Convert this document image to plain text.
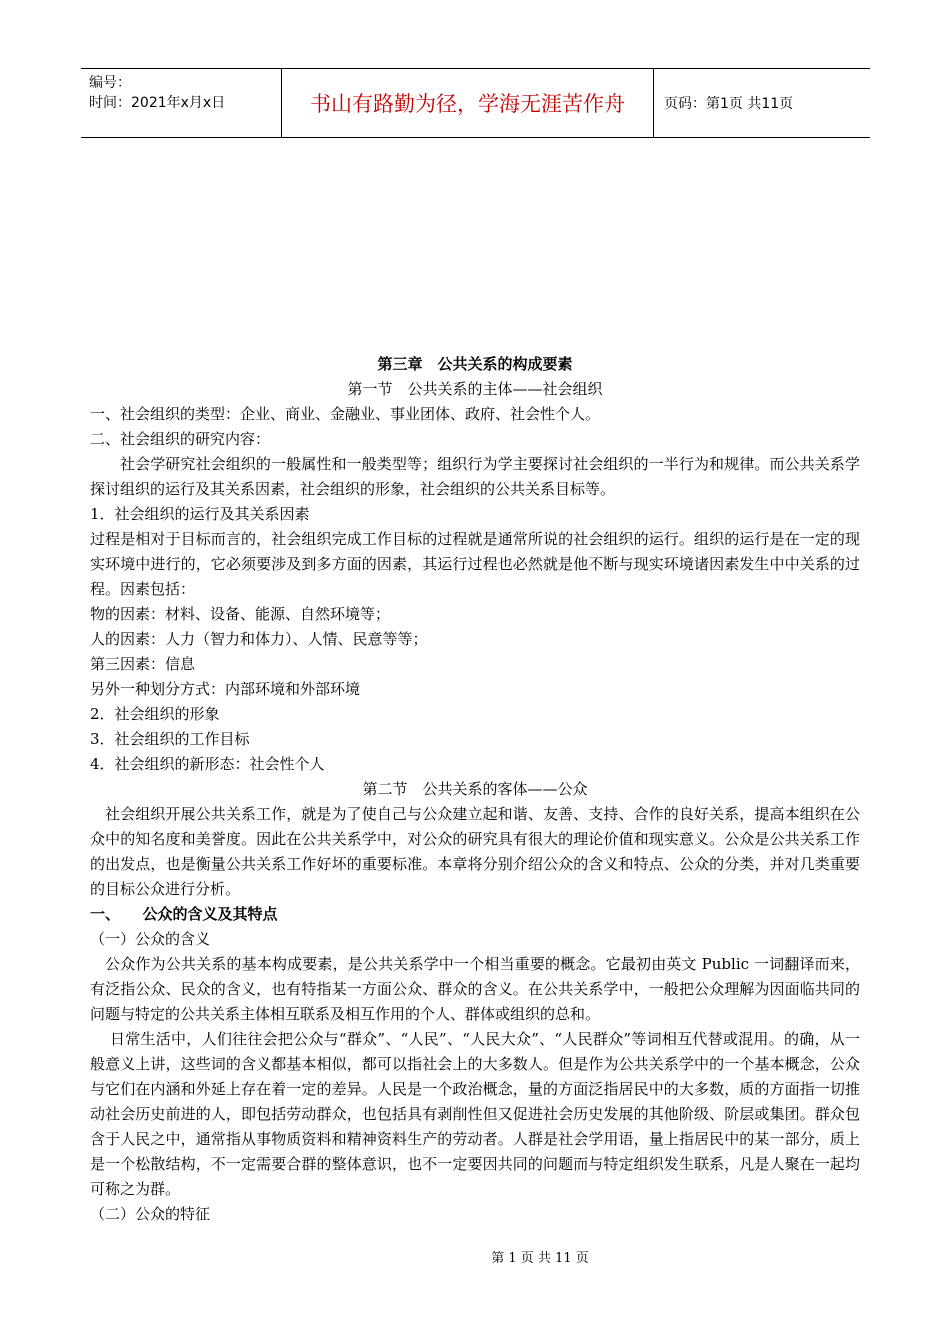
编号：
时间：2021年x月x日	书山有路勤为径，学海无涯苦作舟	页码：第1页 共11页

第三章　公共关系的构成要素

第一节　公共关系的主体——社会组织

一、社会组织的类型：企业、商业、金融业、事业团体、政府、社会性个人。

二、社会组织的研究内容：

社会学研究社会组织的一般属性和一般类型等；组织行为学主要探讨社会组织的一半行为和规律。而公共关系学探讨组织的运行及其关系因素，社会组织的形象，社会组织的公共关系目标等。

1．社会组织的运行及其关系因素

过程是相对于目标而言的，社会组织完成工作目标的过程就是通常所说的社会组织的运行。组织的运行是在一定的现实环境中进行的，它必须要涉及到多方面的因素，其运行过程也必然就是他不断与现实环境诸因素发生中中关系的过程。因素包括：

物的因素：材料、设备、能源、自然环境等；

人的因素：人力（智力和体力）、人情、民意等等；

第三因素：信息

另外一种划分方式：内部环境和外部环境

2．社会组织的形象

3．社会组织的工作目标

4．社会组织的新形态：社会性个人

第二节　公共关系的客体——公众

社会组织开展公共关系工作，就是为了使自己与公众建立起和谐、友善、支持、合作的良好关系，提高本组织在公众中的知名度和美誉度。因此在公共关系学中，对公众的研究具有很大的理论价值和现实意义。公众是公共关系工作的出发点，也是衡量公共关系工作好坏的重要标准。本章将分别介绍公众的含义和特点、公众的分类，并对几类重要的目标公众进行分析。

一、　　公众的含义及其特点

（一）公众的含义

公众作为公共关系的基本构成要素，是公共关系学中一个相当重要的概念。它最初由英文 Public 一词翻译而来，有泛指公众、民众的含义，也有特指某一方面公众、群众的含义。在公共关系学中，一般把公众理解为因面临共同的问题与特定的公共关系主体相互联系及相互作用的个人、群体或组织的总和。

日常生活中，人们往往会把公众与“群众”、“人民”、“人民大众”、“人民群众”等词相互代替或混用。的确，从一般意义上讲，这些词的含义都基本相似，都可以指社会上的大多数人。但是作为公共关系学中的一个基本概念，公众与它们在内涵和外延上存在着一定的差异。人民是一个政治概念，量的方面泛指居民中的大多数，质的方面指一切推动社会历史前进的人，即包括劳动群众，也包括具有剥削性但又促进社会历史发展的其他阶级、阶层或集团。群众包含于人民之中，通常指从事物质资料和精神资料生产的劳动者。人群是社会学用语，量上指居民中的某一部分，质上是一个松散结构，不一定需要合群的整体意识，也不一定要因共同的问题而与特定组织发生联系，凡是人聚在一起均可称之为群。

（二）公众的特征

第 1 页 共 11 页
